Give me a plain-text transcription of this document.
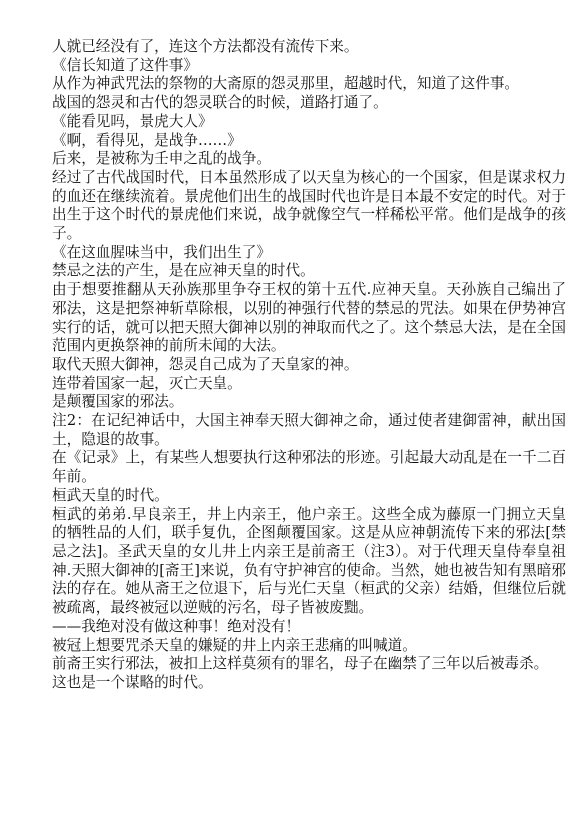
人就已经没有了，连这个方法都没有流传下来。

《信长知道了这件事》

从作为神武咒法的祭物的大斋原的怨灵那里，超越时代，知道了这件事。

战国的怨灵和古代的怨灵联合的时候，道路打通了。

《能看见吗，景虎大人》

《啊，看得见，是战争……》

后来，是被称为壬申之乱的战争。

经过了古代战国时代，日本虽然形成了以天皇为核心的一个国家，但是谋求权力的血还在继续流着。景虎他们出生的战国时代也许是日本最不安定的时代。对于出生于这个时代的景虎他们来说，战争就像空气一样稀松平常。他们是战争的孩子。

《在这血腥味当中，我们出生了》

禁忌之法的产生，是在应神天皇的时代。

由于想要推翻从天孙族那里争夺王权的第十五代.应神天皇。天孙族自己编出了邪法，这是把祭神斩草除根，以别的神强行代替的禁忌的咒法。如果在伊势神宫实行的话，就可以把天照大御神以别的神取而代之了。这个禁忌大法，是在全国范围内更换祭神的前所未闻的大法。

取代天照大御神，怨灵自己成为了天皇家的神。

连带着国家一起，灭亡天皇。

是颠覆国家的邪法。

注2：在记纪神话中，大国主神奉天照大御神之命，通过使者建御雷神，献出国土，隐退的故事。

在《记录》上，有某些人想要执行这种邪法的形迹。引起最大动乱是在一千二百年前。

桓武天皇的时代。

桓武的弟弟.早良亲王，井上内亲王，他户亲王。这些全成为藤原一门拥立天皇的牺牲品的人们，联手复仇，企图颠覆国家。这是从应神朝流传下来的邪法[禁忌之法]。圣武天皇的女儿井上内亲王是前斋王（注3）。对于代理天皇侍奉皇祖神.天照大御神的[斋王]来说，负有守护神宫的使命。当然，她也被告知有黑暗邪法的存在。她从斋王之位退下，后与光仁天皇（桓武的父亲）结婚，但继位后就被疏离，最终被冠以逆贼的污名，母子皆被废黜。

——我绝对没有做这种事！绝对没有！

被冠上想要咒杀天皇的嫌疑的井上内亲王悲痛的叫喊道。

前斋王实行邪法，被扣上这样莫须有的罪名，母子在幽禁了三年以后被毒杀。

这也是一个谋略的时代。
